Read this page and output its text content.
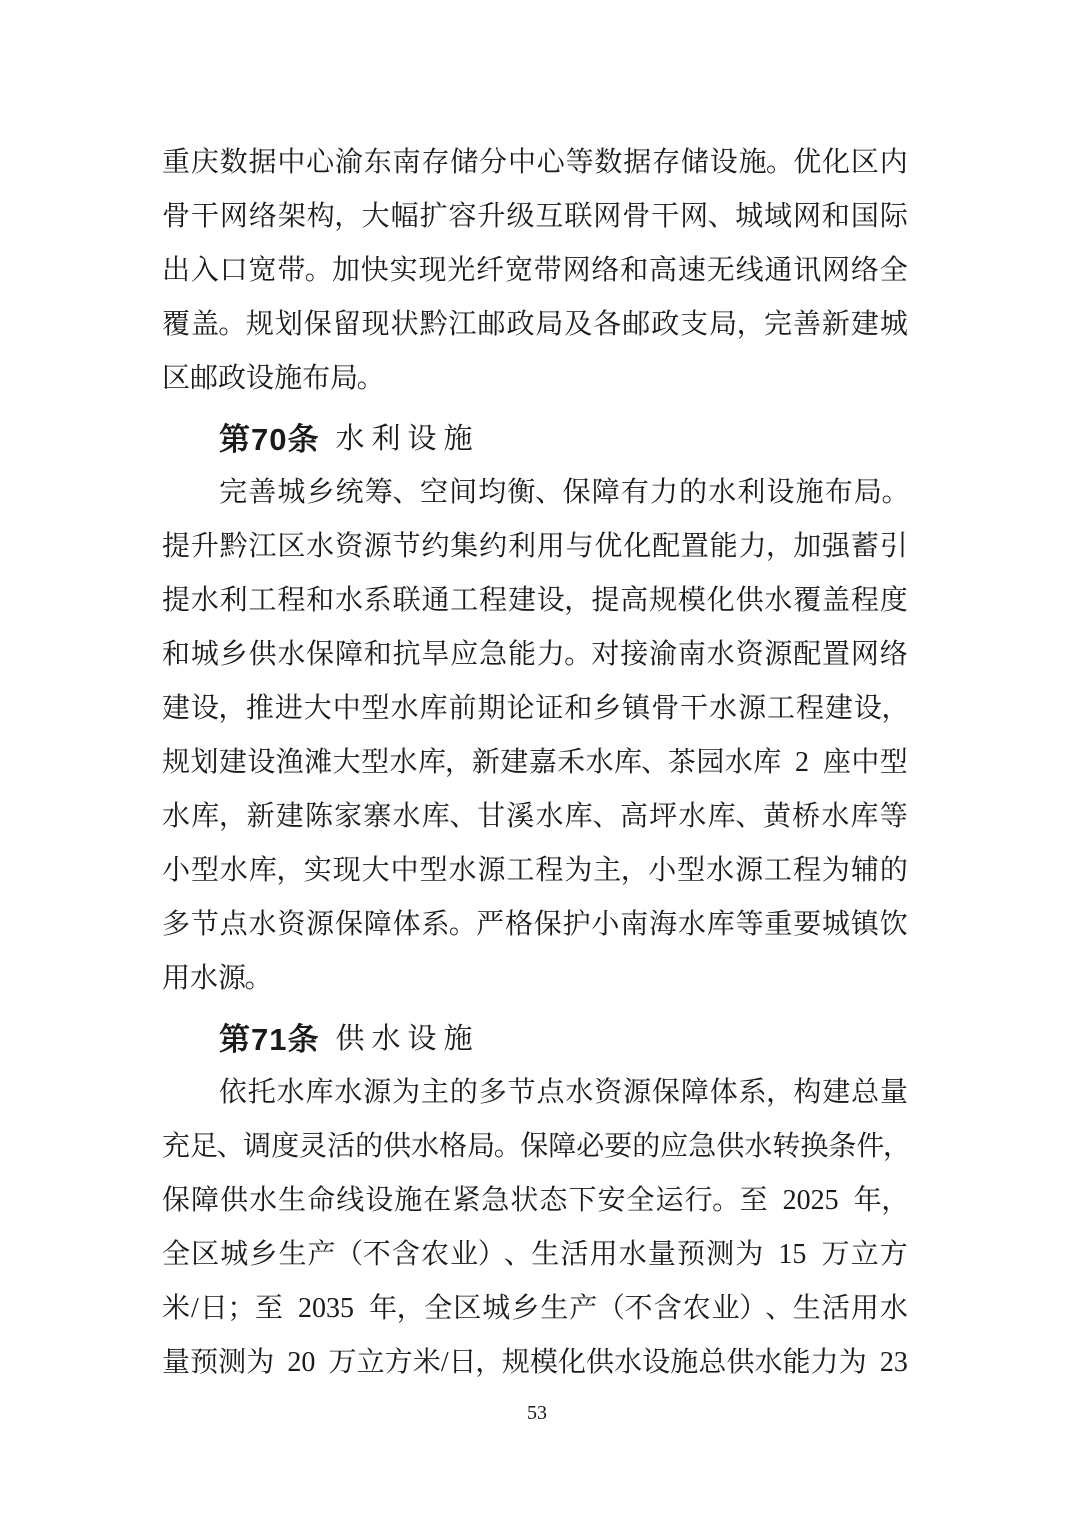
重 庆 数 据 中 心 渝 东 南 存 储 分 中 心 等 数 据 存 储 设 施 。 优 化 区 内
骨 干 网 络 架 构 ， 大 幅 扩 容 升 级 互 联 网 骨 干 网 、 城 域 网 和 国 际
出 入 口 宽 带 。 加 快 实 现 光 纤 宽 带 网 络 和 高 速 无 线 通 讯 网 络 全
覆 盖 。 规 划 保 留 现 状 黔 江 邮 政 局 及 各 邮 政 支 局 ， 完 善 新 建 城
区 邮 政 设 施 布 局
。
第70条 水利设施
完 善 城 乡 统 筹 、 空 间 均 衡 、 保 障 有 力 的 水 利 设 施 布 局 。
提 升 黔 江 区 水 资 源 节 约 集 约 利 用 与 优 化 配 置 能 力 ， 加 强 蓄 引
提 水 利 工 程 和 水 系 联 通 工 程 建 设 ， 提 高 规 模 化 供 水 覆 盖 程 度
和 城 乡 供 水 保 障 和 抗 旱 应 急 能 力 。 对 接 渝 南 水 资 源 配 置 网 络
建 设 ， 推 进 大 中 型 水 库 前 期 论 证 和 乡 镇 骨 干 水 源 工 程 建 设 ，
规 划 建 设 渔 滩 大 型 水 库
，
新 建 嘉 禾 水 库
、
茶 园 水 库 2 座 中 型
水 库 ， 新 建 陈 家 寨 水 库 、 甘 溪 水 库 、 高 坪 水 库 、 黄 桥 水 库 等
小 型 水 库 ， 实 现 大 中 型 水 源 工 程 为 主 ， 小 型 水 源 工 程 为 辅 的
多 节 点 水 资 源 保 障 体 系 。 严 格 保 护 小 南 海 水 库 等 重 要 城 镇 饮
用 水 源
。
第71条 供水设施
依 托 水 库 水 源 为 主 的 多 节 点 水 资 源 保 障 体 系 ， 构 建 总 量
充 足
、
调 度 灵 活 的 供 水 格 局
。
保 障 必 要 的 应 急 供 水 转 换 条 件
，
保 障 供 水 生 命 线 设 施 在 紧 急 状 态 下 安 全 运 行 。 至 2025 年 ，
全 区 城 乡 生 产 （ 不 含 农 业 ）
、 生 活 用 水 量 预 测 为 15 万 立 方
米 / 日 ； 至 2035 年 ， 全 区 城 乡 生 产 （ 不 含 农 业 ）
、 生 活 用 水
量 预 测 为 20 万 立 方 米 / 日
，
规 模 化 供 水 设 施 总 供 水 能 力 为 23
53
